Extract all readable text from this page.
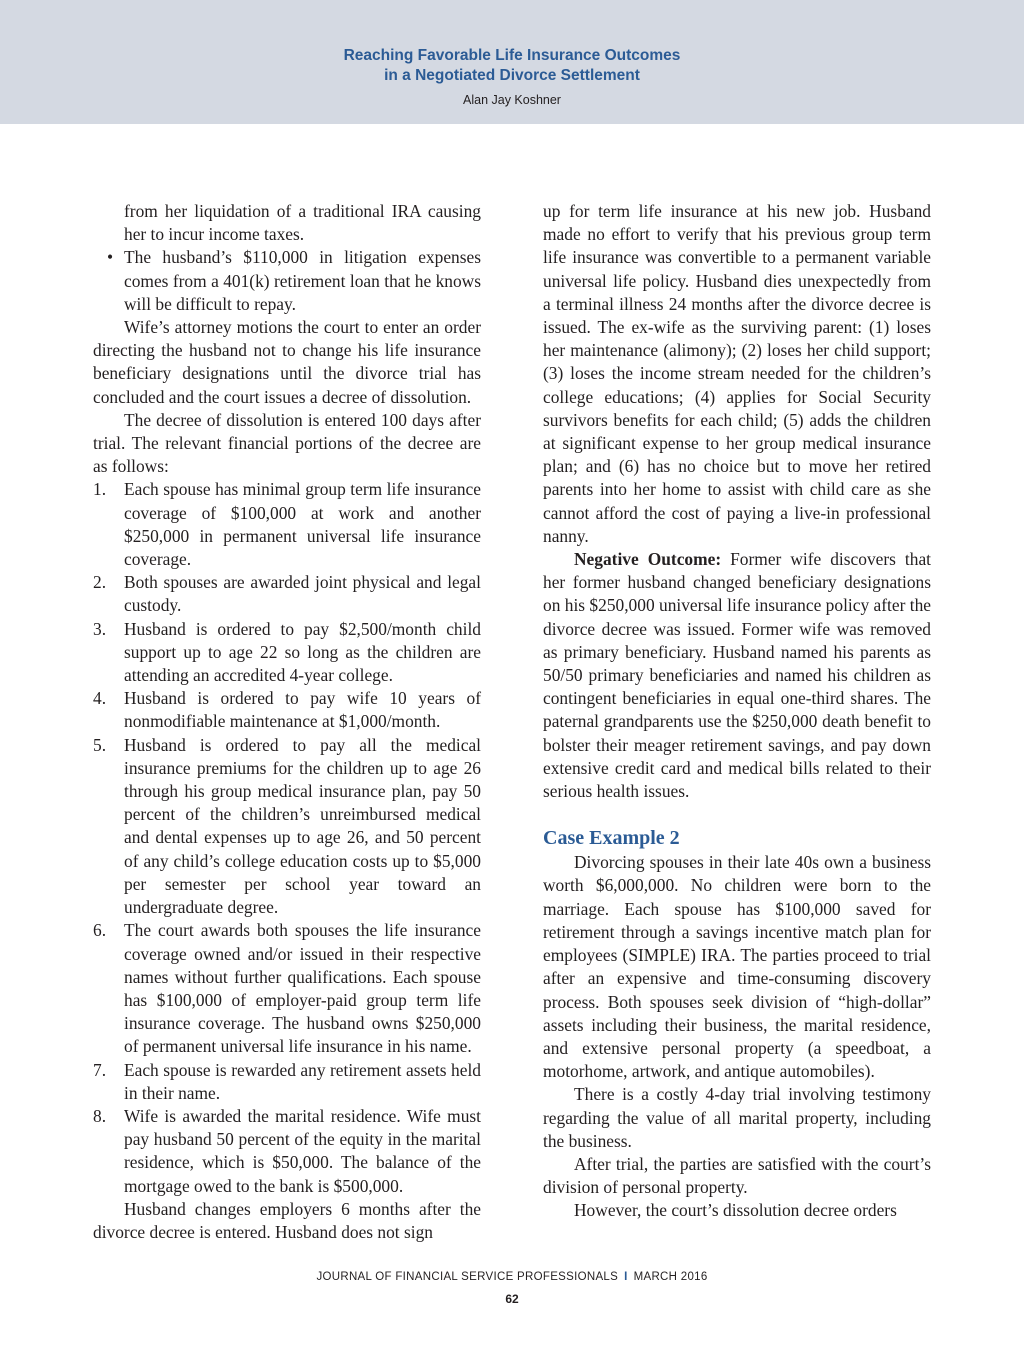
Reaching Favorable Life Insurance Outcomes
in a Negotiated Divorce Settlement
Alan Jay Koshner

from her liquidation of a traditional IRA causing her to incur income taxes.

• The husband’s $110,000 in litigation expenses comes from a 401(k) retirement loan that he knows will be difficult to repay.

Wife’s attorney motions the court to enter an order directing the husband not to change his life insurance beneficiary designations until the divorce trial has concluded and the court issues a decree of dissolution.

The decree of dissolution is entered 100 days after trial. The relevant financial portions of the decree are as follows:

1. Each spouse has minimal group term life insurance coverage of $100,000 at work and another $250,000 in permanent universal life insurance coverage.

2. Both spouses are awarded joint physical and legal custody.

3. Husband is ordered to pay $2,500/month child support up to age 22 so long as the children are attending an accredited 4-year college.

4. Husband is ordered to pay wife 10 years of nonmodifiable maintenance at $1,000/month.

5. Husband is ordered to pay all the medical insurance premiums for the children up to age 26 through his group medical insurance plan, pay 50 percent of the children’s unreimbursed medical and dental expenses up to age 26, and 50 percent of any child’s college education costs up to $5,000 per semester per school year toward an undergraduate degree.

6. The court awards both spouses the life insurance coverage owned and/or issued in their respective names without further qualifications. Each spouse has $100,000 of employer-paid group term life insurance coverage. The husband owns $250,000 of permanent universal life insurance in his name.

7. Each spouse is rewarded any retirement assets held in their name.

8. Wife is awarded the marital residence. Wife must pay husband 50 percent of the equity in the marital residence, which is $50,000. The balance of the mortgage owed to the bank is $500,000.

Husband changes employers 6 months after the divorce decree is entered. Husband does not sign

up for term life insurance at his new job. Husband made no effort to verify that his previous group term life insurance was convertible to a permanent variable universal life policy. Husband dies unexpectedly from a terminal illness 24 months after the divorce decree is issued. The ex-wife as the surviving parent: (1) loses her maintenance (alimony); (2) loses her child support; (3) loses the income stream needed for the children’s college educations; (4) applies for Social Security survivors benefits for each child; (5) adds the children at significant expense to her group medical insurance plan; and (6) has no choice but to move her retired parents into her home to assist with child care as she cannot afford the cost of paying a live-in professional nanny.

Negative Outcome: Former wife discovers that her former husband changed beneficiary designations on his $250,000 universal life insurance policy after the divorce decree was issued. Former wife was removed as primary beneficiary. Husband named his parents as 50/50 primary beneficiaries and named his children as contingent beneficiaries in equal one-third shares. The paternal grandparents use the $250,000 death benefit to bolster their meager retirement savings, and pay down extensive credit card and medical bills related to their serious health issues.

Case Example 2

Divorcing spouses in their late 40s own a business worth $6,000,000. No children were born to the marriage. Each spouse has $100,000 saved for retirement through a savings incentive match plan for employees (SIMPLE) IRA. The parties proceed to trial after an expensive and time-consuming discovery process. Both spouses seek division of “high-dollar” assets including their business, the marital residence, and extensive personal property (a speedboat, a motorhome, artwork, and antique automobiles).

There is a costly 4-day trial involving testimony regarding the value of all marital property, including the business.

After trial, the parties are satisfied with the court’s division of personal property.

However, the court’s dissolution decree orders

JOURNAL OF FINANCIAL SERVICE PROFESSIONALS I MARCH 2016
62
